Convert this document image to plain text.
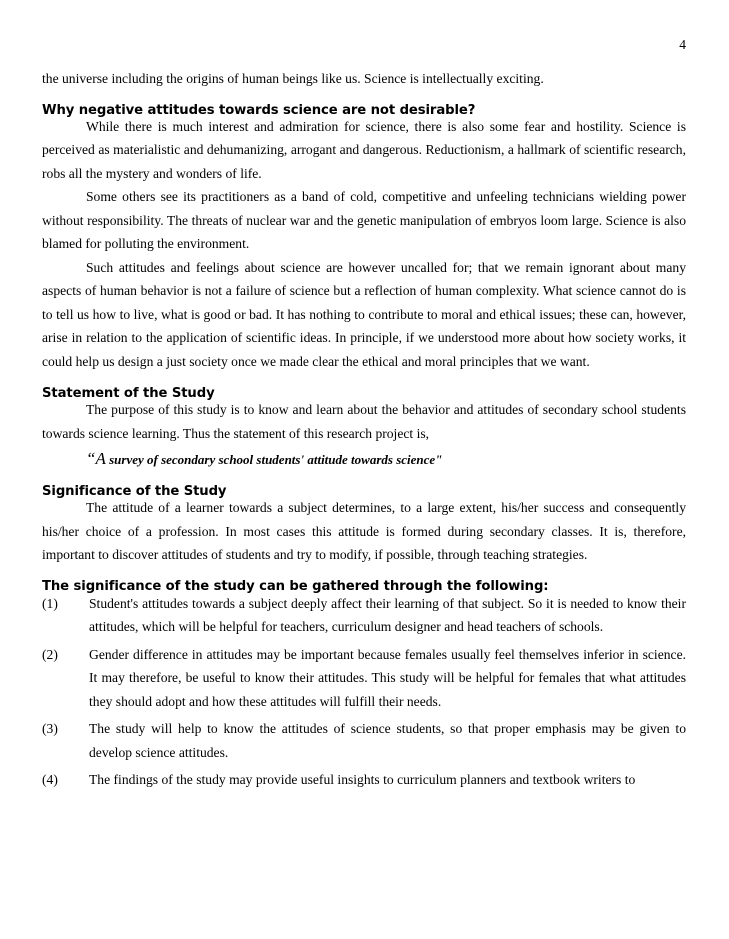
4

the universe including the origins of human beings like us. Science is intellectually exciting.

Why negative attitudes towards science are not desirable?

While there is much interest and admiration for science, there is also some fear and hostility. Science is perceived as materialistic and dehumanizing, arrogant and dangerous. Reductionism, a hallmark of scientific research, robs all the mystery and wonders of life.

Some others see its practitioners as a band of cold, competitive and unfeeling technicians wielding power without responsibility. The threats of nuclear war and the genetic manipulation of embryos loom large. Science is also blamed for polluting the environment.

Such attitudes and feelings about science are however uncalled for; that we remain ignorant about many aspects of human behavior is not a failure of science but a reflection of human complexity. What science cannot do is to tell us how to live, what is good or bad. It has nothing to contribute to moral and ethical issues; these can, however, arise in relation to the application of scientific ideas. In principle, if we understood more about how society works, it could help us design a just society once we made clear the ethical and moral principles that we want.

Statement of the Study

The purpose of this study is to know and learn about the behavior and attitudes of secondary school students towards science learning. Thus the statement of this research project is,

“A survey of secondary school students' attitude towards science"

Significance of the Study

The attitude of a learner towards a subject determines, to a large extent, his/her success and consequently his/her choice of a profession. In most cases this attitude is formed during secondary classes. It is, therefore, important to discover attitudes of students and try to modify, if possible, through teaching strategies.

The significance of the study can be gathered through the following:
(1) Student's attitudes towards a subject deeply affect their learning of that subject. So it is needed to know their attitudes, which will be helpful for teachers, curriculum designer and head teachers of schools.
(2) Gender difference in attitudes may be important because females usually feel themselves inferior in science. It may therefore, be useful to know their attitudes. This study will be helpful for females that what attitudes they should adopt and how these attitudes will fulfill their needs.
(3) The study will help to know the attitudes of science students, so that proper emphasis may be given to develop science attitudes.
(4) The findings of the study may provide useful insights to curriculum planners and textbook writers to
